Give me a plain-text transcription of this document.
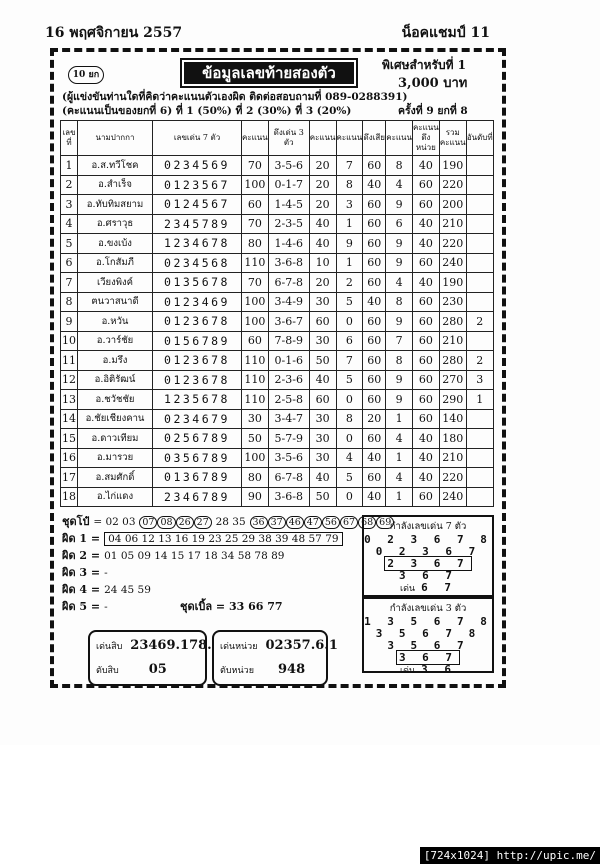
16 พฤศจิกายน 2557	น็อคแชมป์ 11
10 ยก	ข้อมูลเลขท้ายสองตัว	พิเศษสำหรับที่ 1
3,000 บาท
(ผู้แข่งขันท่านใดที่คิดว่าคะแนนตัวเองผิด ติดต่อสอบถามที่ 089-0288391)
(คะแนนเป็นของยกที่ 6) ที่ 1 (50%) ที่ 2 (30%) ที่ 3 (20%)	ครั้งที่ 9 ยกที่ 8
เลขที่	นามปากกา	เลขเด่น 7 ตัว	คะแนน	ดึงเด่น 3 ตัว	คะแนน	คะแนน	ดึงเสีย	คะแนน	คะแนนดึงหน่วย	รวมคะแนน	อันดับที่
1	อ.ส.ทวีโชค	0234569	70	3-5-6	20	7	60	8	40	190	
2	อ.สำเร็จ	0123567	100	0-1-7	20	8	40	4	60	220	
3	อ.ทับทิมสยาม	0124567	60	1-4-5	20	3	60	9	60	200	
4	อ.ศราวุธ	2345789	70	2-3-5	40	1	60	6	40	210	
5	อ.ขงเบ้ง	1234678	80	1-4-6	40	9	60	9	40	220	
6	อ.โกสัมภี	0234568	110	3-6-8	10	1	60	9	60	240	
7	เวียงพิงค์	0135678	70	6-7-8	20	2	60	4	40	190	
8	ฅนวาสนาดี	0123469	100	3-4-9	30	5	40	8	60	230	
9	อ.หวัน	0123678	100	3-6-7	60	0	60	9	60	280	2
10	อ.วาร์ชัย	0156789	60	7-8-9	30	6	60	7	60	210	
11	อ.มรึง	0123678	110	0-1-6	50	7	60	8	60	280	2
12	อ.อิติรัฒน์	0123678	110	2-3-6	40	5	60	9	60	270	3
13	อ.ชวัชชัย	1235678	110	2-5-8	60	0	60	9	60	290	1
14	อ.ชัยเชียงคาน	0234679	30	3-4-7	30	8	20	1	60	140	
15	อ.ดาวเทียม	0256789	50	5-7-9	30	0	60	4	40	180	
16	อ.มารวย	0356789	100	3-5-6	30	4	40	1	40	210	
17	อ.สมศักดิ์	0136789	80	6-7-8	40	5	60	4	40	220	
18	อ.ไก่แดง	2346789	90	3-6-8	50	0	40	1	60	240	
ชุดโป๋ = 02 03 07 08 26 27 28 35 36 37 46 47 56 67 68 69
ผิด 1 = 04 06 12 13 16 19 23 25 29 38 39 48 57 79
ผิด 2 = 01 05 09 14 15 17 18 34 58 78 89
ผิด 3 = -
ผิด 4 = 24 45 59
ผิด 5 = -	ชุดเบิ้ล = 33 66 77
กำลังเลขเด่น 7 ตัว
0 2 3 6 7 8
0 2 3 6 7
2 3 6 7
3 6 7
เด่น 6 7
กำลังเลขเด่น 3 ตัว
1 3 5 6 7 8
3 5 6 7 8
3 5 6 7
3 6 7
เด่น 3 6
เด่นสิบ 23469.178.
ตับสิบ 05
เด่นหน่วย 02357.6.1
ตับหน่วย 948
[724x1024] http://upic.me/
